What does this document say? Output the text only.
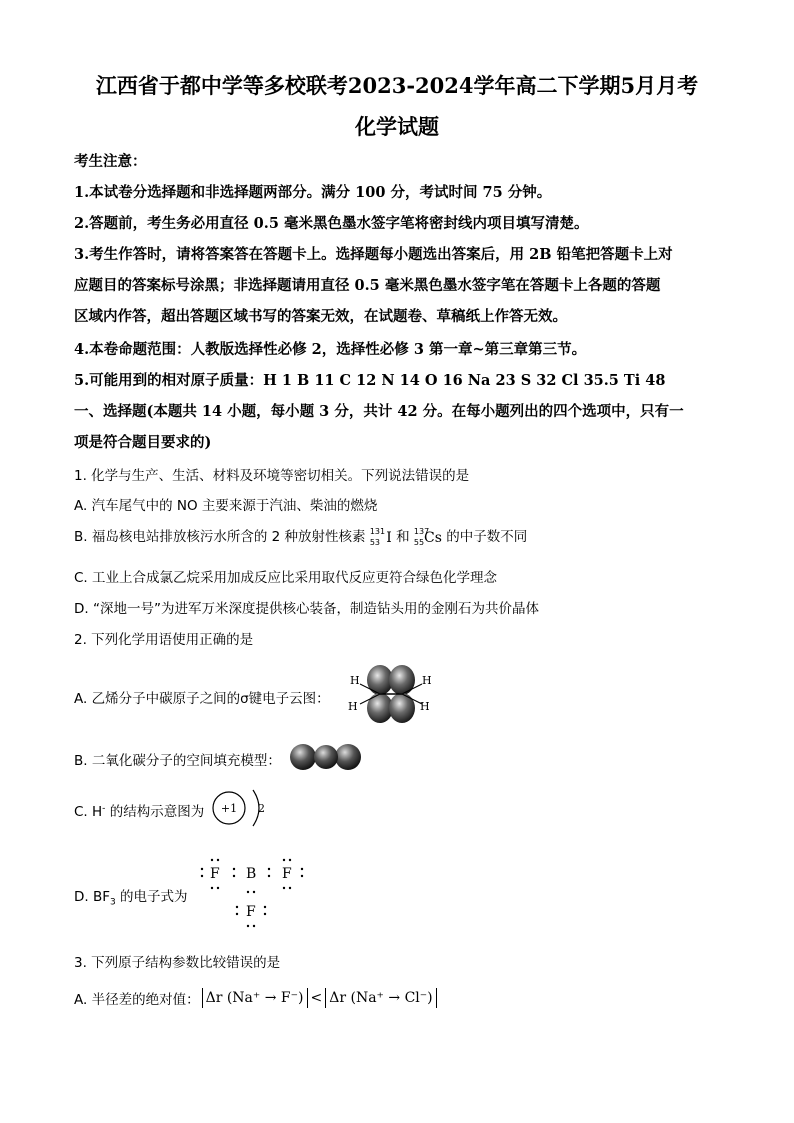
江西省于都中学等多校联考2023-2024学年高二下学期5月月考
化学试题
考生注意：
1.本试卷分选择题和非选择题两部分。满分 100 分，考试时间 75 分钟。
2.答题前，考生务必用直径 0.5 毫米黑色墨水签字笔将密封线内项目填写清楚。
3.考生作答时，请将答案答在答题卡上。选择题每小题选出答案后，用 2B 铅笔把答题卡上对
应题目的答案标号涂黑；非选择题请用直径 0.5 毫米黑色墨水签字笔在答题卡上各题的答题
区域内作答，超出答题区域书写的答案无效，在试题卷、草稿纸上作答无效。
4.本卷命题范围：人教版选择性必修 2，选择性必修 3 第一章~第三章第三节。
5.可能用到的相对原子质量：H 1 B 11 C 12 N 14 O 16 Na 23 S 32 Cl 35.5 Ti 48
一、选择题(本题共 14 小题，每小题 3 分，共计 42 分。在每小题列出的四个选项中，只有一
项是符合题目要求的)
1. 化学与生产、生活、材料及环境等密切相关。下列说法错误的是
A. 汽车尾气中的 NO 主要来源于汽油、柴油的燃烧
B. 福岛核电站排放核污水所含的 2 种放射性核素 131
53 I 和 137
55 Cs 的中子数不同
C. 工业上合成氯乙烷采用加成反应比采用取代反应更符合绿色化学理念
D. “深地一号”为进军万米深度提供核心装备，制造钻头用的金刚石为共价晶体
2. 下列化学用语使用正确的是
A. 乙烯分子中碳原子之间的σ键电子云图：
H
H
H
H
B. 二氧化碳分子的空间填充模型：
C. H- 的结构示意图为 +1 2
D. $BF_3$ 的电子式为
F B F
F
3. 下列原子结构参数比较错误的是
A. 半径差的绝对值： Δr (Na⁺ → F⁻) < Δr (Na⁺ → Cl⁻)
